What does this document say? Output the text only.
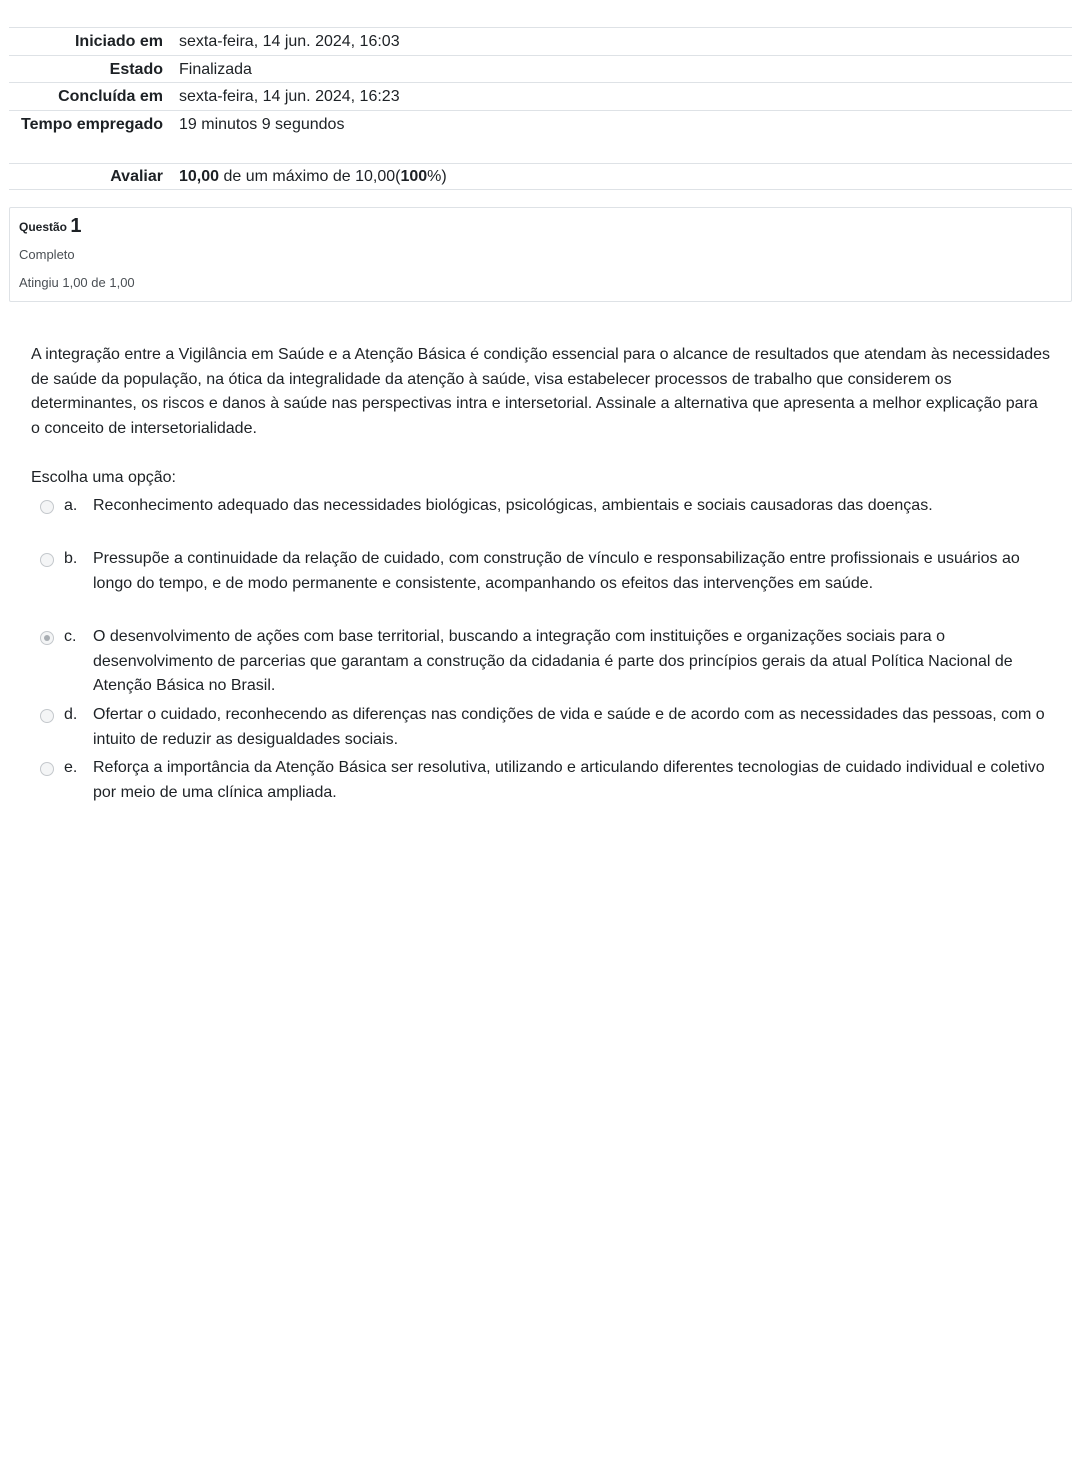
Iniciado em	sexta-feira, 14 jun. 2024, 16:03
Estado	Finalizada
Concluída em	sexta-feira, 14 jun. 2024, 16:23
Tempo empregado	19 minutos 9 segundos
Avaliar	10,00 de um máximo de 10,00(100%)
Questão 1
Completo
Atingiu 1,00 de 1,00

A integração entre a Vigilância em Saúde e a Atenção Básica é condição essencial para o alcance de resultados que atendam às necessidades de saúde da população, na ótica da integralidade da atenção à saúde, visa estabelecer processos de trabalho que considerem os determinantes, os riscos e danos à saúde nas perspectivas intra e intersetorial. Assinale a alternativa que apresenta a melhor explicação para o conceito de intersetorialidade.

Escolha uma opção:
a. Reconhecimento adequado das necessidades biológicas, psicológicas, ambientais e sociais causadoras das doenças.
b. Pressupõe a continuidade da relação de cuidado, com construção de vínculo e responsabilização entre profissionais e usuários ao longo do tempo, e de modo permanente e consistente, acompanhando os efeitos das intervenções em saúde.
c.	O desenvolvimento de ações com base territorial, buscando a integração com instituições e organizações sociais para o desenvolvimento de parcerias que garantam a construção da cidadania é parte dos princípios gerais da atual Política Nacional de Atenção Básica no Brasil.
d. Ofertar o cuidado, reconhecendo as diferenças nas condições de vida e saúde e de acordo com as necessidades das pessoas, com o intuito de reduzir as desigualdades sociais.
e. Reforça a importância da Atenção Básica ser resolutiva, utilizando e articulando diferentes tecnologias de cuidado individual e coletivo por meio de uma clínica ampliada.
